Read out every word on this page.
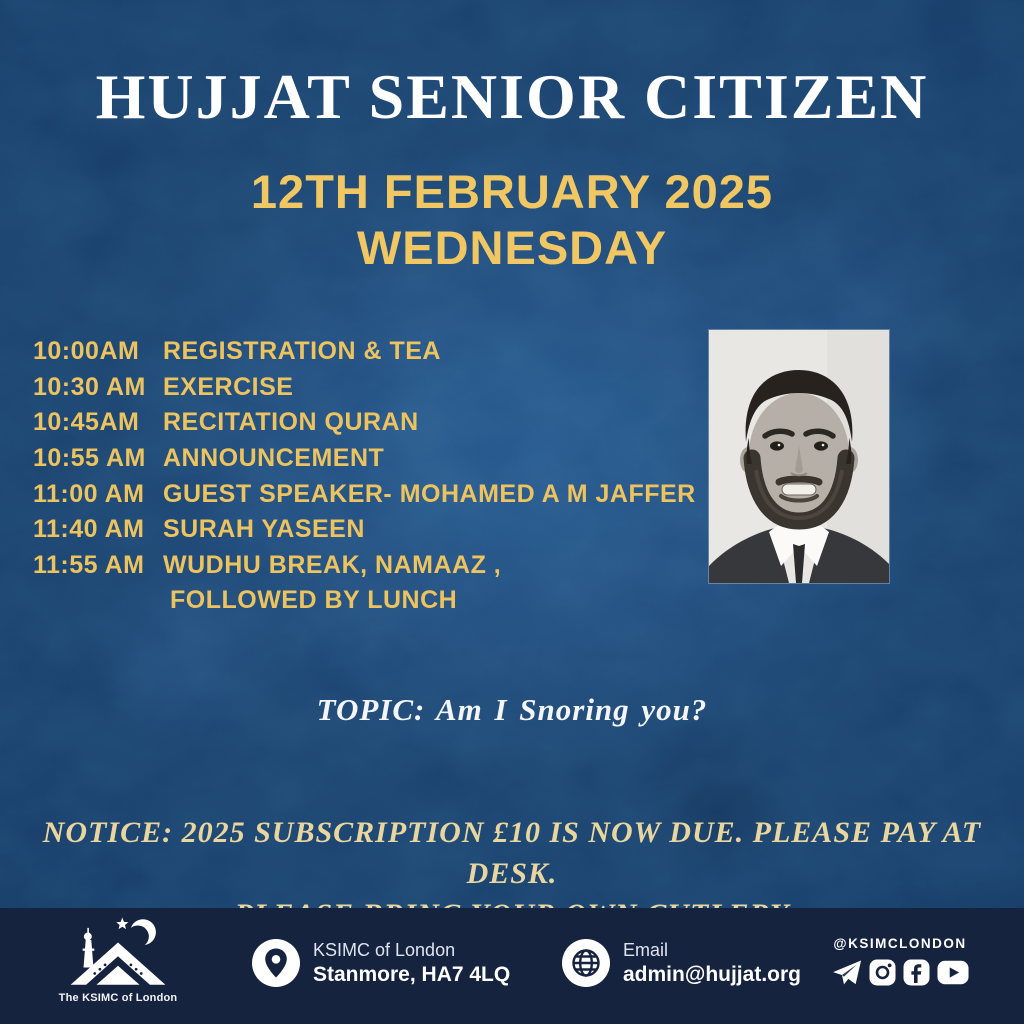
HUJJAT SENIOR CITIZEN
12TH FEBRUARY 2025
WEDNESDAY
10:00AM REGISTRATION & TEA
10:30 AM EXERCISE
10:45AM RECITATION QURAN
10:55 AM ANNOUNCEMENT
11:00 AM GUEST SPEAKER- MOHAMED A M JAFFER
11:40 AM SURAH YASEEN
11:55 AM WUDHU BREAK, NAMAAZ ,
FOLLOWED BY LUNCH
TOPIC: Am I Snoring you?
NOTICE: 2025 SUBSCRIPTION £10 IS NOW DUE. PLEASE PAY AT DESK.
The KSIMC of London
KSIMC of London
Stanmore, HA7 4LQ
Email
admin@hujjat.org
@KSIMCLONDON
